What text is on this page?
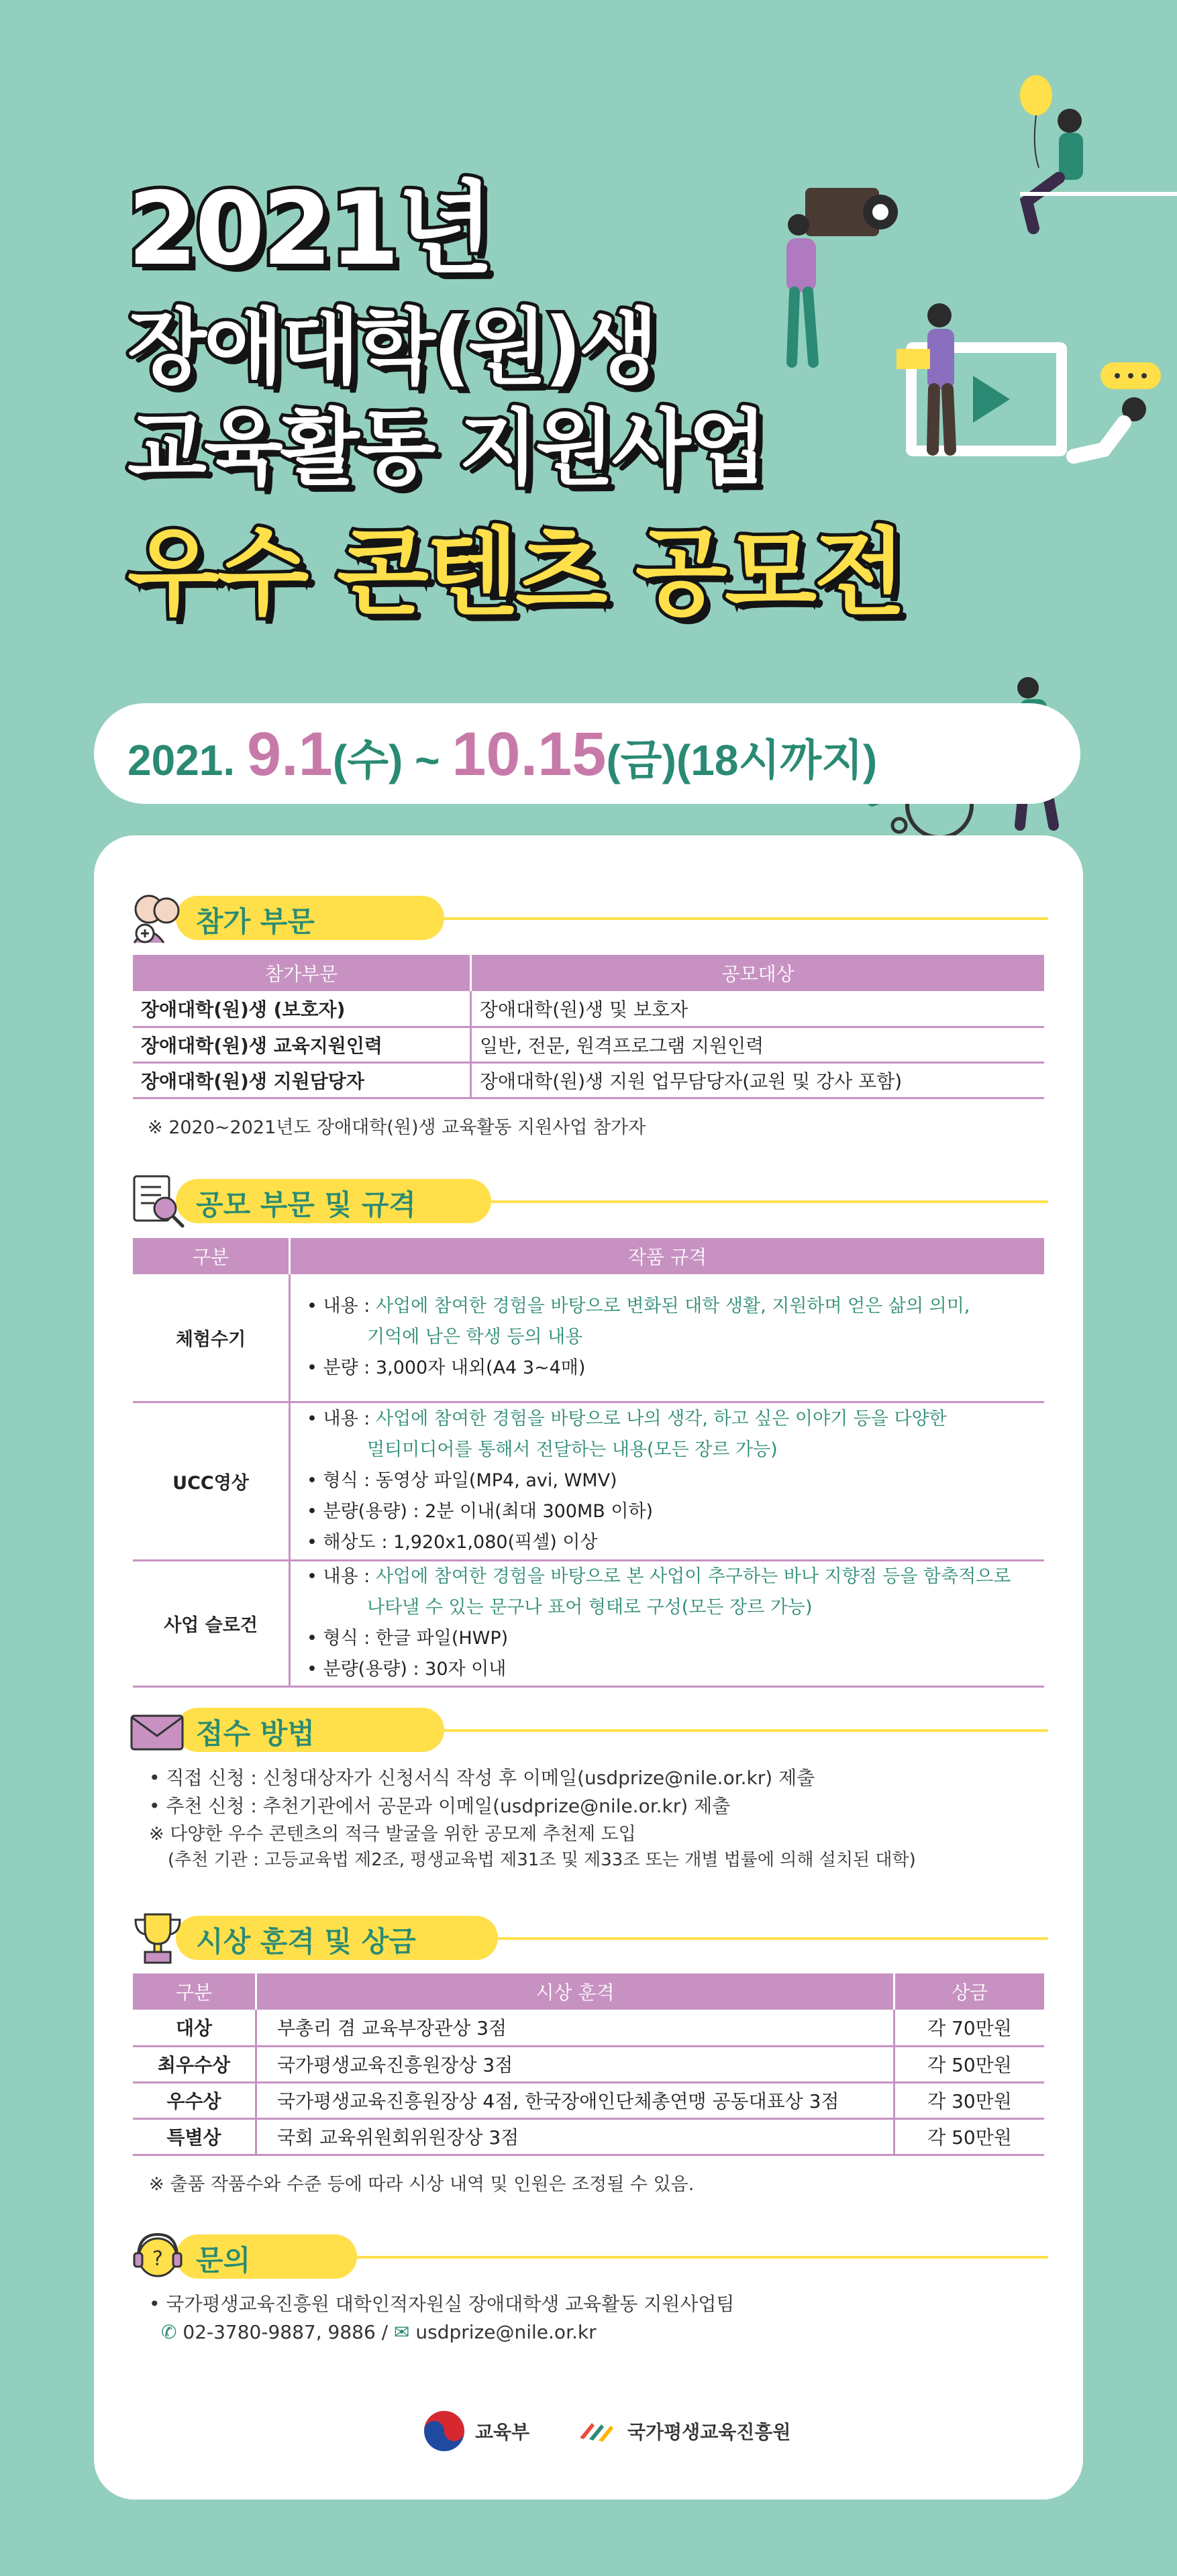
2021년
장애대학(원)생
교육활동 지원사업
우수 콘텐츠 공모전
2021. 9.1(수) ~ 10.15(금)(18시까지)
참가 부문
참가부문	공모대상
장애대학(원)생 (보호자)	장애대학(원)생 및 보호자
장애대학(원)생 교육지원인력	일반, 전문, 원격프로그램 지원인력
장애대학(원)생 지원담당자	장애대학(원)생 지원 업무담당자(교원 및 강사 포함)
※ 2020~2021년도 장애대학(원)생 교육활동 지원사업 참가자
공모 부문 및 규격
구분	작품 규격
체험수기	• 내용 : 사업에 참여한 경험을 바탕으로 변화된 대학 생활, 지원하며 얻은 삶의 의미,
기억에 남은 학생 등의 내용
• 분량 : 3,000자 내외(A4 3~4매)

UCC영상	• 내용 : 사업에 참여한 경험을 바탕으로 나의 생각, 하고 싶은 이야기 등을 다양한
멀티미디어를 통해서 전달하는 내용(모든 장르 가능)
• 형식 : 동영상 파일(MP4, avi, WMV)
• 분량(용량) : 2분 이내(최대 300MB 이하)
• 해상도 : 1,920x1,080(픽셀) 이상

사업 슬로건	• 내용 : 사업에 참여한 경험을 바탕으로 본 사업이 추구하는 바나 지향점 등을 함축적으로
나타낼 수 있는 문구나 표어 형태로 구성(모든 장르 가능)
• 형식 : 한글 파일(HWP)
• 분량(용량) : 30자 이내
접수 방법
• 직접 신청 : 신청대상자가 신청서식 작성 후 이메일(usdprize@nile.or.kr) 제출
• 추천 신청 : 추천기관에서 공문과 이메일(usdprize@nile.or.kr) 제출
※ 다양한 우수 콘텐츠의 적극 발굴을 위한 공모제 추천제 도입
(추천 기관 : 고등교육법 제2조, 평생교육법 제31조 및 제33조 또는 개별 법률에 의해 설치된 대학)
시상 훈격 및 상금
구분	시상 훈격	상금
대상	부총리 겸 교육부장관상 3점	각 70만원
최우수상	국가평생교육진흥원장상 3점	각 50만원
우수상	국가평생교육진흥원장상 4점, 한국장애인단체총연맹 공동대표상 3점	각 30만원
특별상	국회 교육위원회위원장상 3점	각 50만원
※ 출품 작품수와 수준 등에 따라 시상 내역 및 인원은 조정될 수 있음.
? 문의
• 국가평생교육진흥원 대학인적자원실 장애대학생 교육활동 지원사업팀
✆ 02-3780-9887, 9886 / ✉ usdprize@nile.or.kr
교육부	국가평생교육진흥원
